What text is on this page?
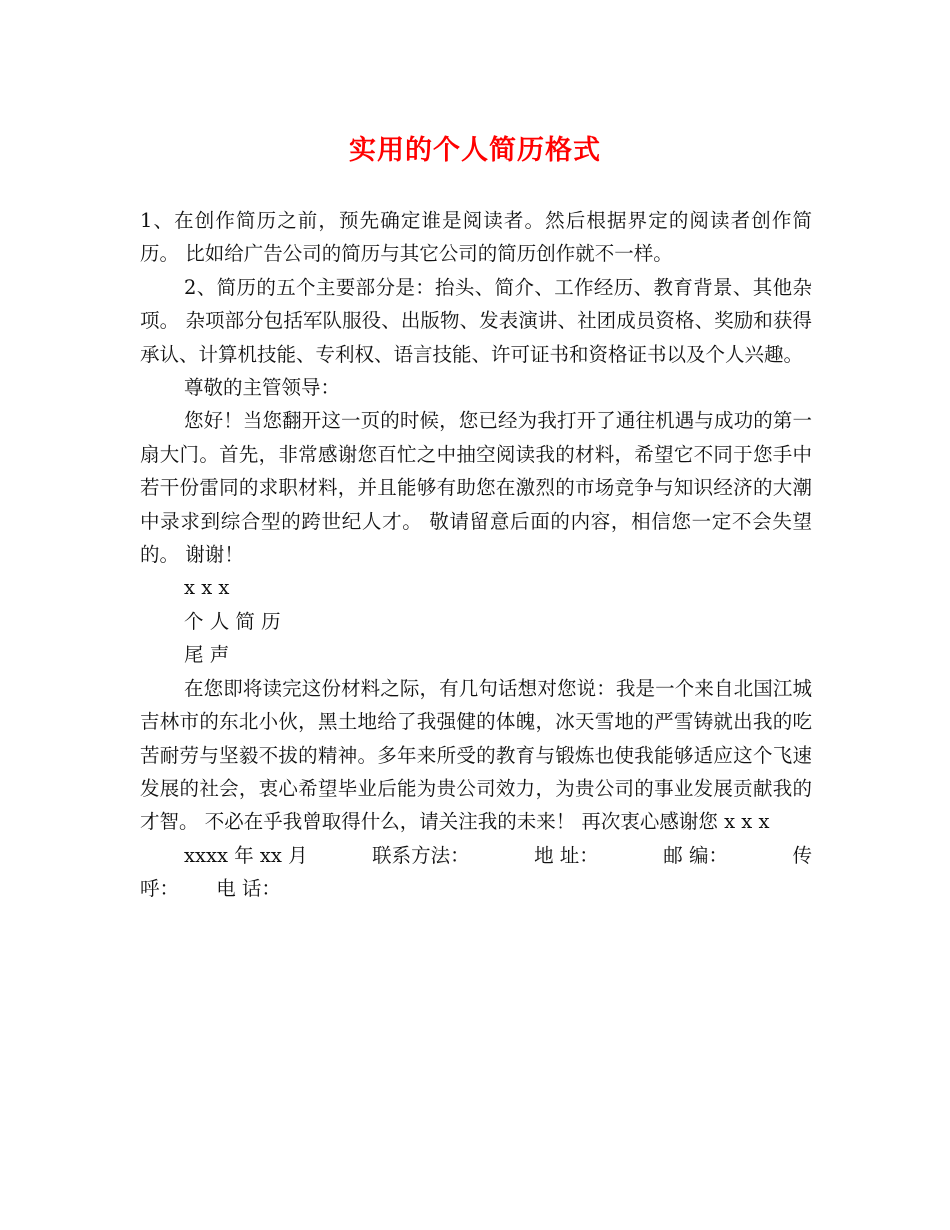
实用的个人简历格式

1、在创作简历之前，预先确定谁是阅读者。然后根据界定的阅读者创作简历。 比如给广告公司的简历与其它公司的简历创作就不一样。

2、简历的五个主要部分是：抬头、简介、工作经历、教育背景、其他杂项。 杂项部分包括军队服役、出版物、发表演讲、社团成员资格、奖励和获得承认、计算机技能、专利权、语言技能、许可证书和资格证书以及个人兴趣。

尊敬的主管领导：

您好！当您翻开这一页的时候，您已经为我打开了通往机遇与成功的第一扇大门。首先，非常感谢您百忙之中抽空阅读我的材料，希望它不同于您手中若干份雷同的求职材料，并且能够有助您在激烈的市场竞争与知识经济的大潮中录求到综合型的跨世纪人才。 敬请留意后面的内容，相信您一定不会失望的。 谢谢！

x x x

个 人 简 历

尾 声

在您即将读完这份材料之际，有几句话想对您说：我是一个来自北国江城吉林市的东北小伙，黑土地给了我强健的体魄，冰天雪地的严雪铸就出我的吃苦耐劳与坚毅不拔的精神。多年来所受的教育与锻炼也使我能够适应这个飞速发展的社会，衷心希望毕业后能为贵公司效力，为贵公司的事业发展贡献我的才智。 不必在乎我曾取得什么，请关注我的未来！ 再次衷心感谢您 x x x

xxxx 年 xx 月	联系方法：	地 址：	邮 编：	传
呼： 电 话：
